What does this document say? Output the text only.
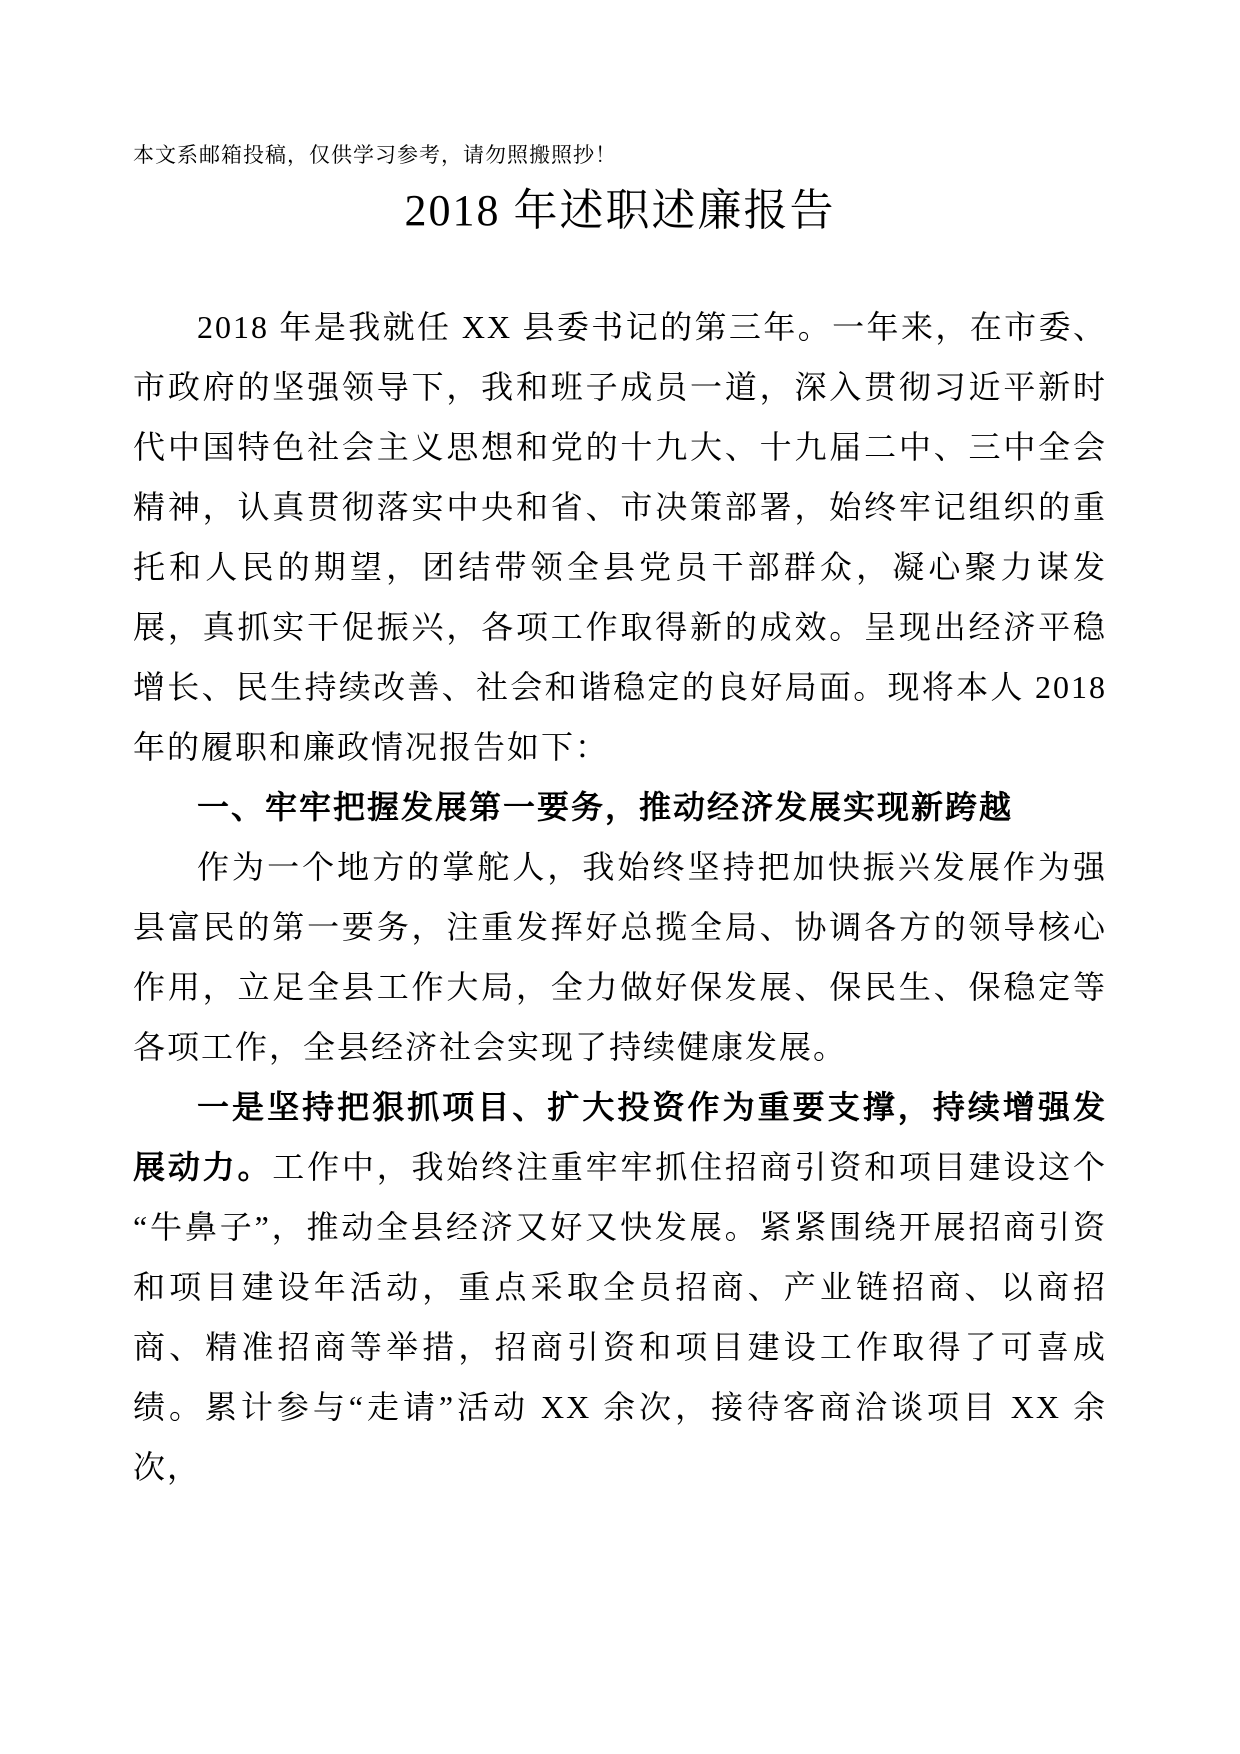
本文系邮箱投稿，仅供学习参考，请勿照搬照抄！

2018 年述职述廉报告

2018 年是我就任 XX 县委书记的第三年。一年来，在市委、市政府的坚强领导下，我和班子成员一道，深入贯彻习近平新时代中国特色社会主义思想和党的十九大、十九届二中、三中全会精神，认真贯彻落实中央和省、市决策部署，始终牢记组织的重托和人民的期望，团结带领全县党员干部群众，凝心聚力谋发展，真抓实干促振兴，各项工作取得新的成效。呈现出经济平稳增长、民生持续改善、社会和谐稳定的良好局面。现将本人 2018 年的履职和廉政情况报告如下：

一、牢牢把握发展第一要务，推动经济发展实现新跨越

作为一个地方的掌舵人，我始终坚持把加快振兴发展作为强县富民的第一要务，注重发挥好总揽全局、协调各方的领导核心作用，立足全县工作大局，全力做好保发展、保民生、保稳定等各项工作，全县经济社会实现了持续健康发展。

一是坚持把狠抓项目、扩大投资作为重要支撑，持续增强发展动力。工作中，我始终注重牢牢抓住招商引资和项目建设这个“牛鼻子”，推动全县经济又好又快发展。紧紧围绕开展招商引资和项目建设年活动，重点采取全员招商、产业链招商、以商招商、精准招商等举措，招商引资和项目建设工作取得了可喜成绩。累计参与“走请”活动 XX 余次，接待客商洽谈项目 XX 余次，
